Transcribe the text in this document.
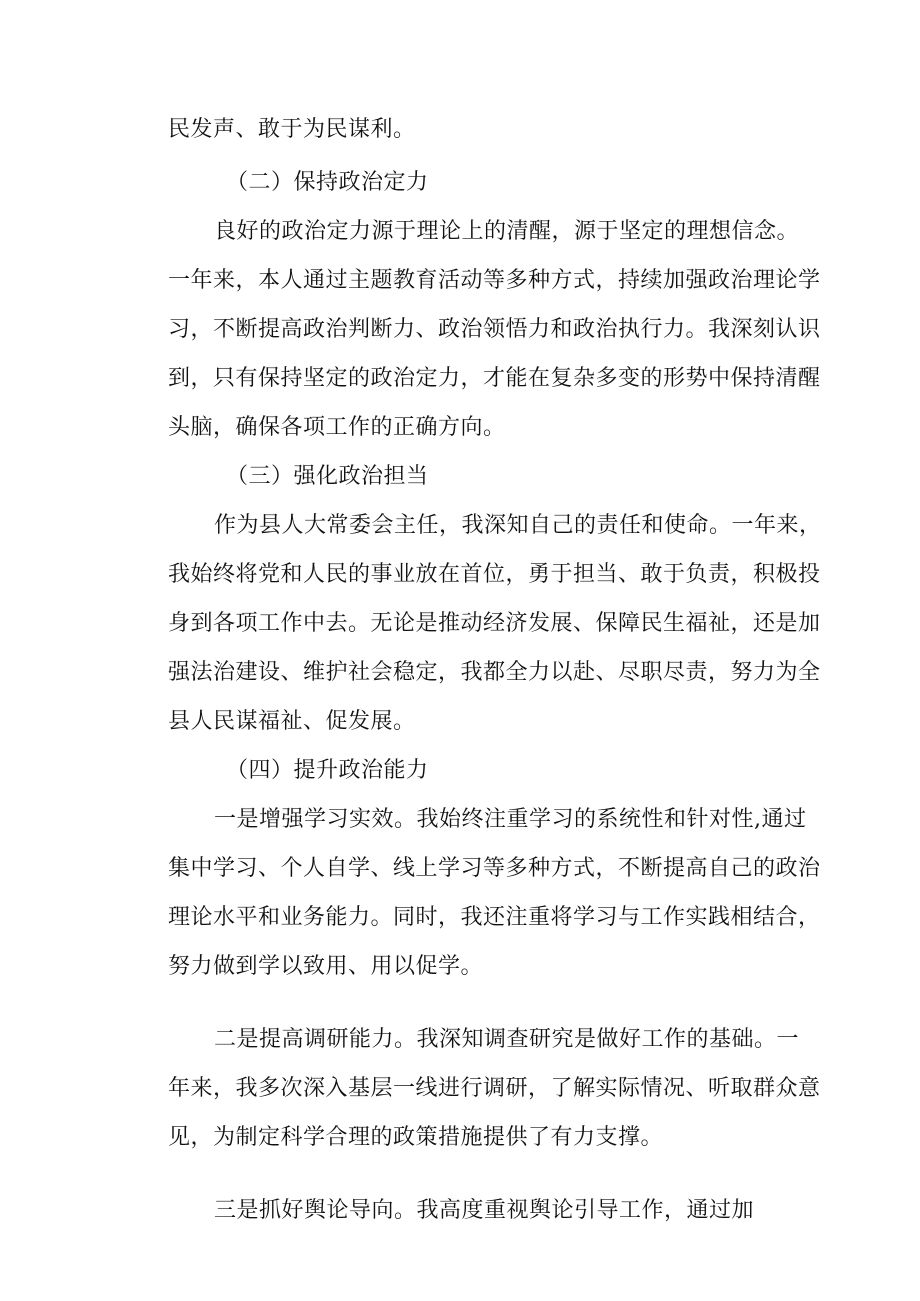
民发声、敢于为民谋利。
（二）保持政治定力
良好的政治定力源于理论上的清醒，源于坚定的理想信念。
一年来，本人通过主题教育活动等多种方式，持续加强政治理论学
习，不断提高政治判断力、政治领悟力和政治执行力。我深刻认识
到，只有保持坚定的政治定力，才能在复杂多变的形势中保持清醒
头脑，确保各项工作的正确方向。
（三）强化政治担当
作为县人大常委会主任，我深知自己的责任和使命。一年来，
我始终将党和人民的事业放在首位，勇于担当、敢于负责，积极投
身到各项工作中去。无论是推动经济发展、保障民生福祉，还是加
强法治建设、维护社会稳定，我都全力以赴、尽职尽责，努力为全
县人民谋福祉、促发展。
（四）提升政治能力
一是增强学习实效。我始终注重学习的系统性和针对性,通过
集中学习、个人自学、线上学习等多种方式，不断提高自己的政治
理论水平和业务能力。同时，我还注重将学习与工作实践相结合，
努力做到学以致用、用以促学。
二是提高调研能力。我深知调查研究是做好工作的基础。一
年来，我多次深入基层一线进行调研，了解实际情况、听取群众意
见，为制定科学合理的政策措施提供了有力支撑。
三是抓好舆论导向。我高度重视舆论引导工作，通过加
